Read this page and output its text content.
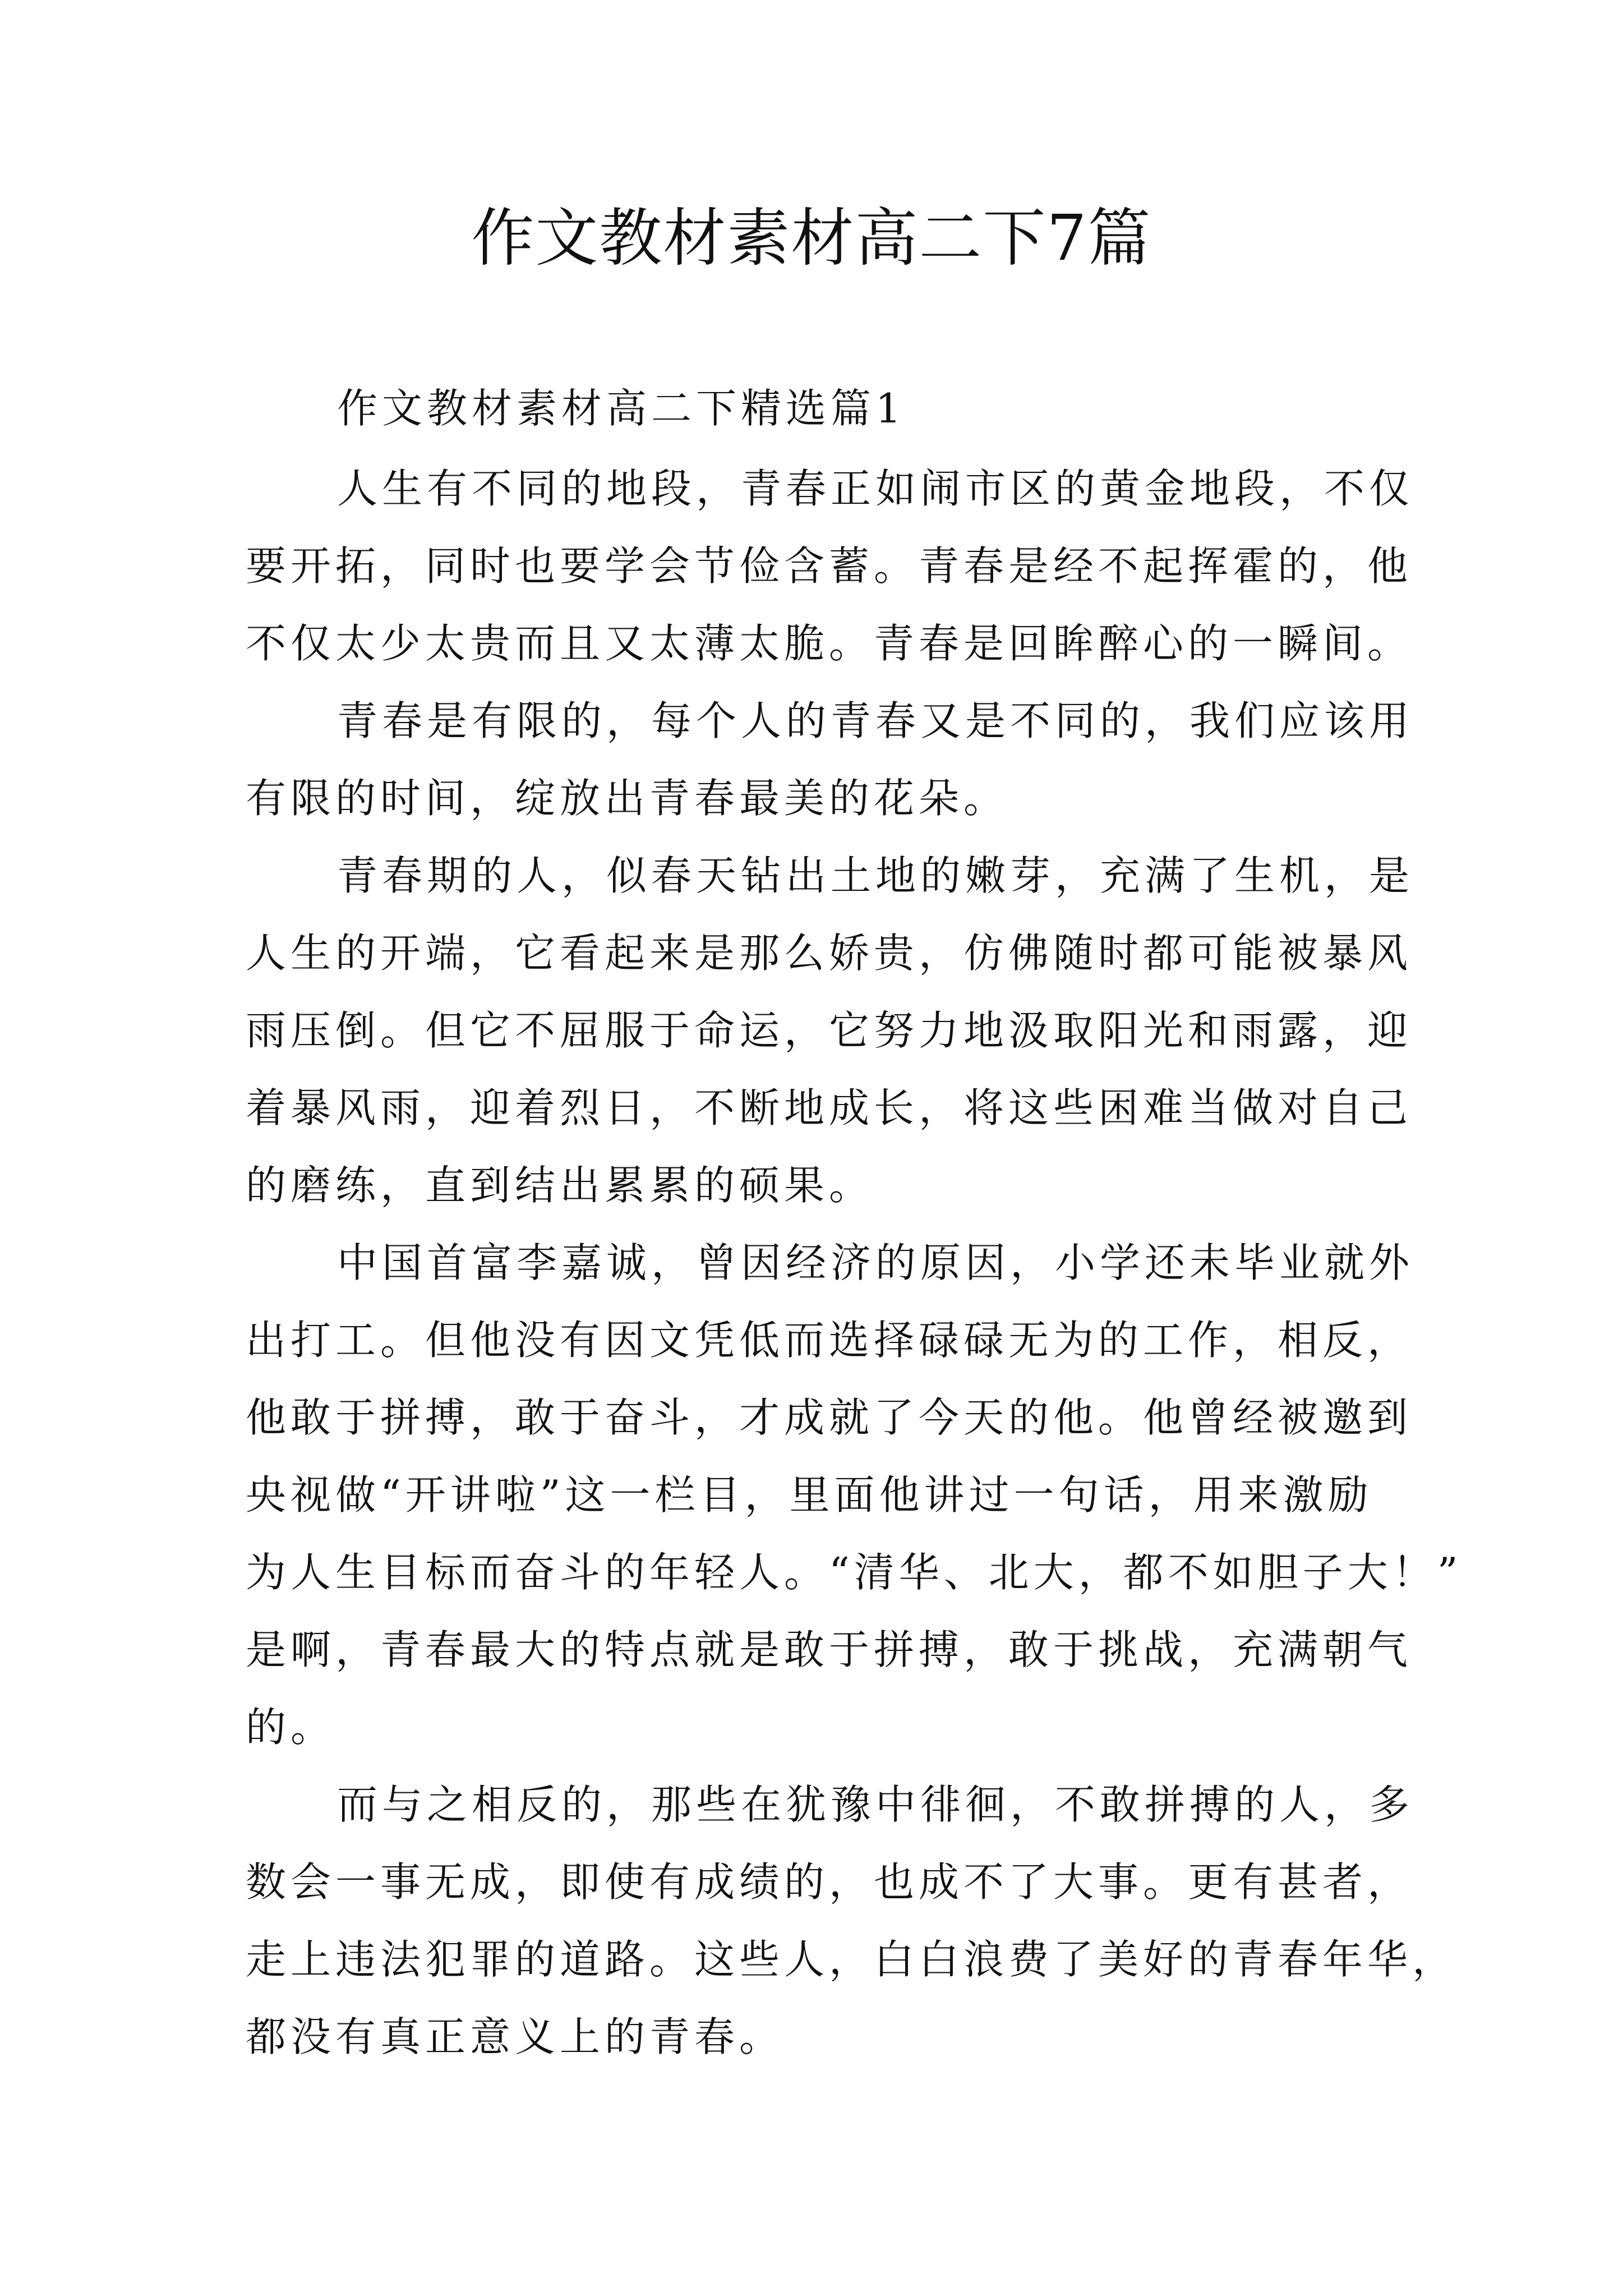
作文教材素材高二下7篇
作文教材素材高二下精选篇1
人生有不同的地段，青春正如闹市区的黄金地段，不仅
要开拓，同时也要学会节俭含蓄。青春是经不起挥霍的，他
不仅太少太贵而且又太薄太脆。青春是回眸醉心的一瞬间。
青春是有限的，每个人的青春又是不同的，我们应该用
有限的时间，绽放出青春最美的花朵。
青春期的人，似春天钻出土地的嫩芽，充满了生机，是
人生的开端，它看起来是那么娇贵，仿佛随时都可能被暴风
雨压倒。但它不屈服于命运，它努力地汲取阳光和雨露，迎
着暴风雨，迎着烈日，不断地成长，将这些困难当做对自己
的磨练，直到结出累累的硕果。
中国首富李嘉诚，曾因经济的原因，小学还未毕业就外
出打工。但他没有因文凭低而选择碌碌无为的工作，相反，
他敢于拼搏，敢于奋斗，才成就了今天的他。他曾经被邀到
央视做“开讲啦”这一栏目，里面他讲过一句话，用来激励
为人生目标而奋斗的年轻人。“清华、北大，都不如胆子大！”
是啊，青春最大的特点就是敢于拼搏，敢于挑战，充满朝气
的。
而与之相反的，那些在犹豫中徘徊，不敢拼搏的人，多
数会一事无成，即使有成绩的，也成不了大事。更有甚者，
走上违法犯罪的道路。这些人，白白浪费了美好的青春年华，
都没有真正意义上的青春。
